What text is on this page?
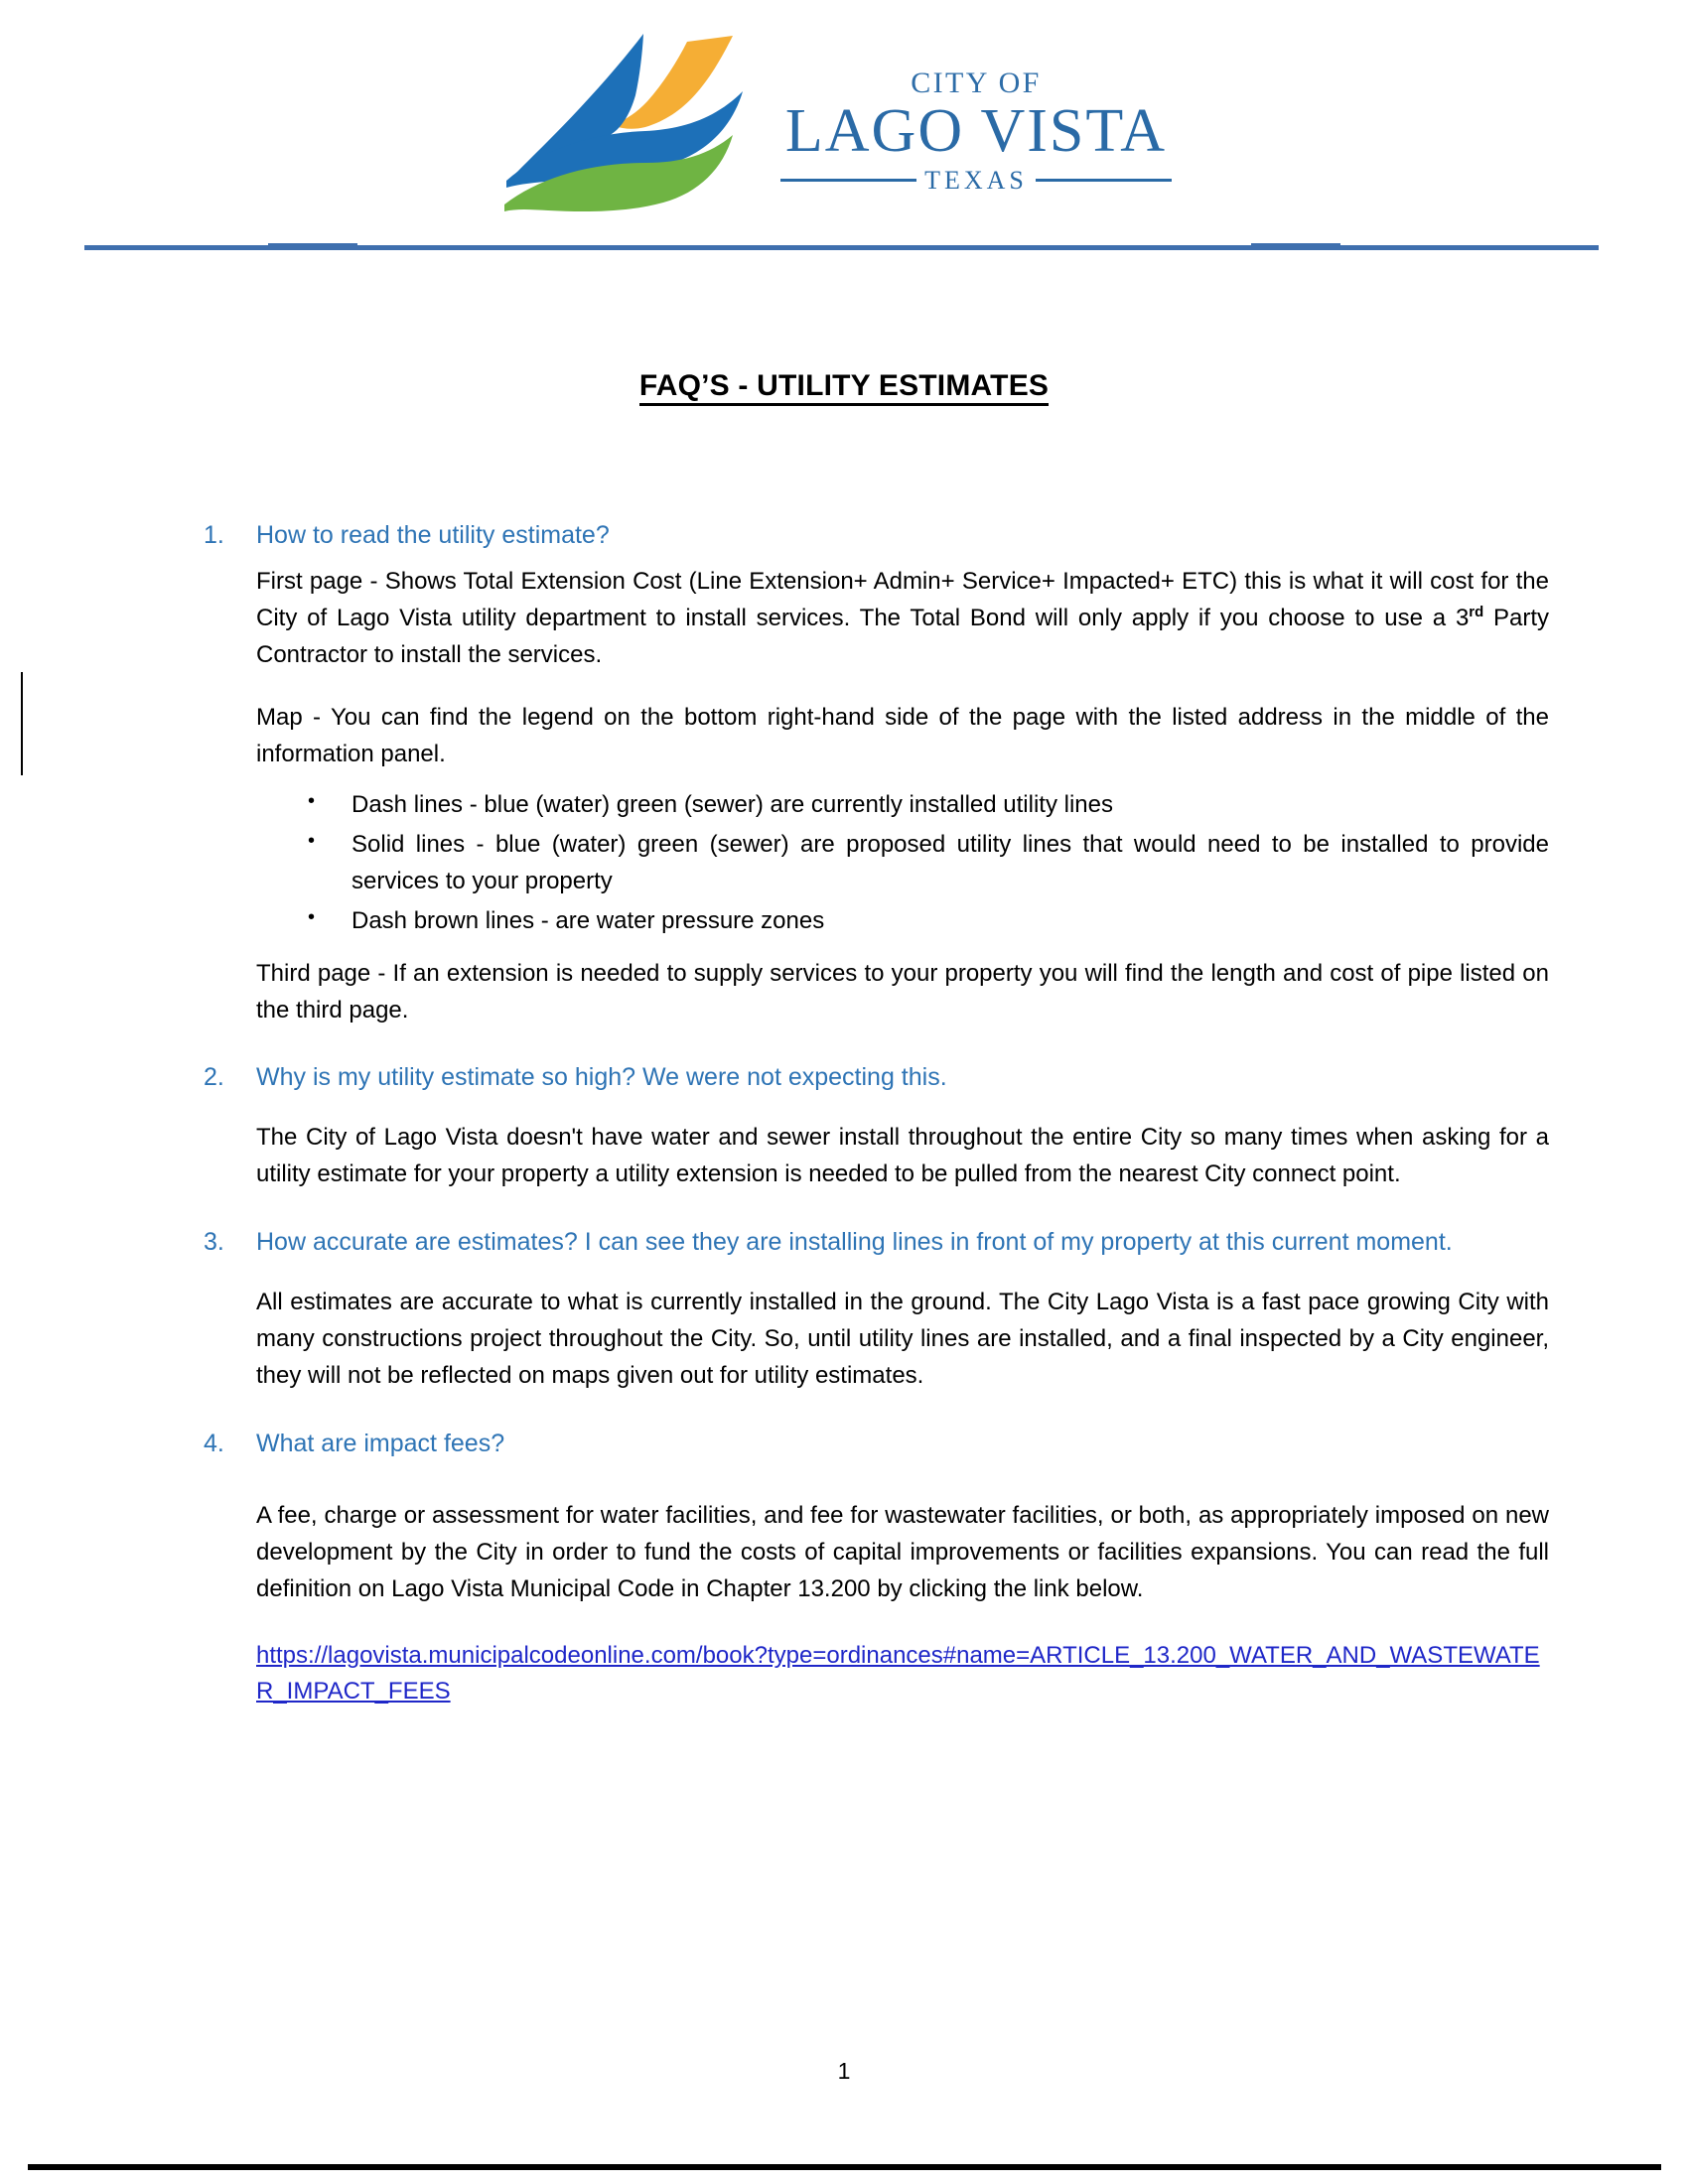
CITY OF
LAGO VISTA
TEXAS
FAQ’S - UTILITY ESTIMATES
How to read the utility estimate?

First page - Shows Total Extension Cost (Line Extension+ Admin+ Service+ Impacted+ ETC) this is what it will cost for the City of Lago Vista utility department to install services. The Total Bond will only apply if you choose to use a 3rd Party Contractor to install the services.

Map - You can find the legend on the bottom right-hand side of the page with the listed address in the middle of the information panel.

• Dash lines - blue (water) green (sewer) are currently installed utility lines
• Solid lines - blue (water) green (sewer) are proposed utility lines that would need to be installed to provide services to your property
• Dash brown lines - are water pressure zones

Third page - If an extension is needed to supply services to your property you will find the length and cost of pipe listed on the third page.

Why is my utility estimate so high? We were not expecting this.

The City of Lago Vista doesn't have water and sewer install throughout the entire City so many times when asking for a utility estimate for your property a utility extension is needed to be pulled from the nearest City connect point.

How accurate are estimates? I can see they are installing lines in front of my property at this current moment.

All estimates are accurate to what is currently installed in the ground. The City Lago Vista is a fast pace growing City with many constructions project throughout the City. So, until utility lines are installed, and a final inspected by a City engineer, they will not be reflected on maps given out for utility estimates.

What are impact fees?

A fee, charge or assessment for water facilities, and fee for wastewater facilities, or both, as appropriately imposed on new development by the City in order to fund the costs of capital improvements or facilities expansions. You can read the full definition on Lago Vista Municipal Code in Chapter 13.200 by clicking the link below.

https://lagovista.municipalcodeonline.com/book?type=ordinances#name=ARTICLE_13.200_WATER_AND_WASTEWATER_IMPACT_FEES
1
